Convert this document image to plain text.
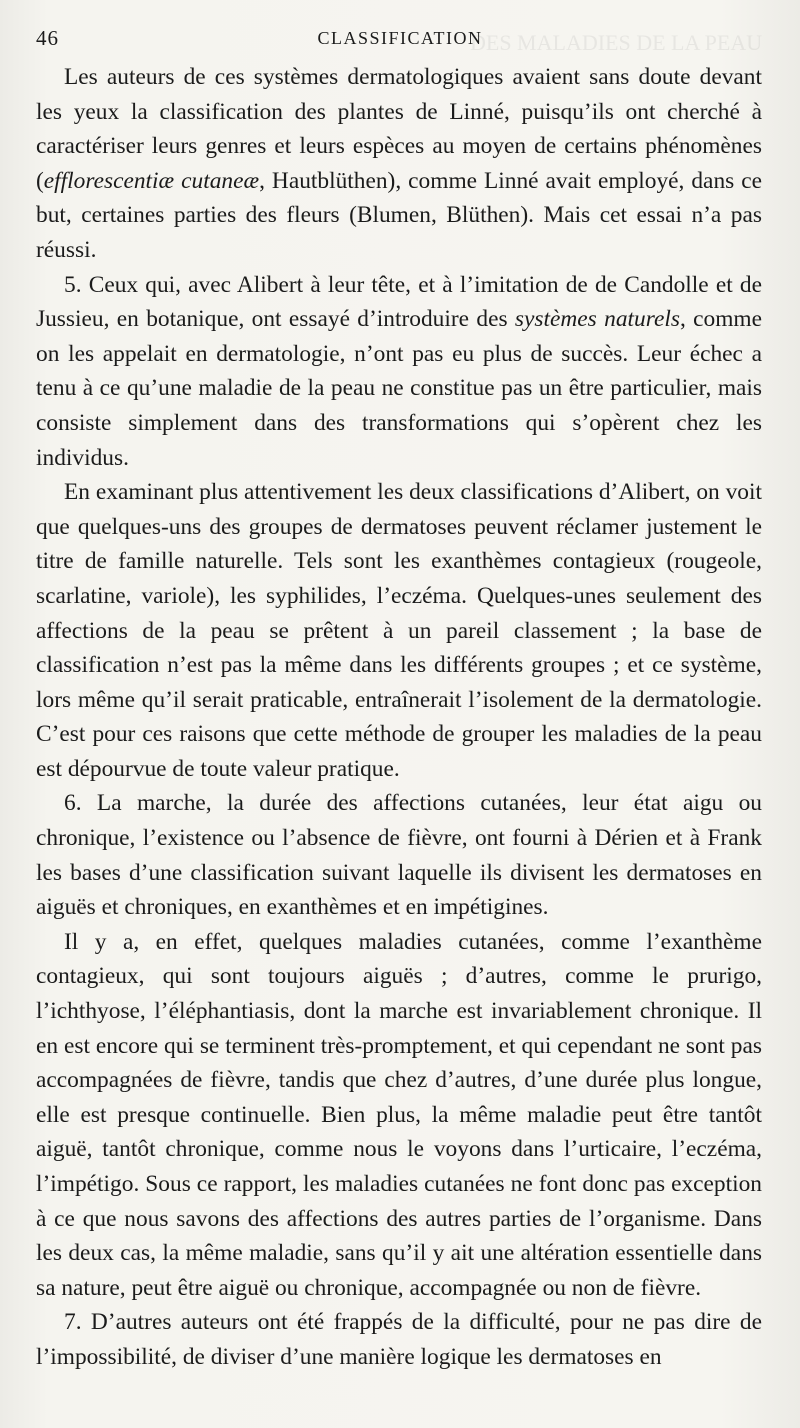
DES MALADIES DE LA PEAU
46	CLASSIFICATION

Les auteurs de ces systèmes dermatologiques avaient sans doute devant les yeux la classification des plantes de Linné, puisqu’ils ont cherché à caractériser leurs genres et leurs espèces au moyen de certains phénomènes (efflorescentiæ cutaneæ, Hautblüthen), comme Linné avait employé, dans ce but, certaines parties des fleurs (Blumen, Blüthen). Mais cet essai n’a pas réussi.

5. Ceux qui, avec Alibert à leur tête, et à l’imitation de de Candolle et de Jussieu, en botanique, ont essayé d’introduire des systèmes naturels, comme on les appelait en dermatologie, n’ont pas eu plus de succès. Leur échec a tenu à ce qu’une maladie de la peau ne constitue pas un être particulier, mais consiste simplement dans des transformations qui s’opèrent chez les individus.

En examinant plus attentivement les deux classifications d’Alibert, on voit que quelques-uns des groupes de dermatoses peuvent réclamer justement le titre de famille naturelle. Tels sont les exanthèmes contagieux (rougeole, scarlatine, variole), les syphilides, l’eczéma. Quelques-unes seulement des affections de la peau se prêtent à un pareil classement ; la base de classification n’est pas la même dans les différents groupes ; et ce système, lors même qu’il serait praticable, entraînerait l’isolement de la dermatologie. C’est pour ces raisons que cette méthode de grouper les maladies de la peau est dépourvue de toute valeur pratique.

6. La marche, la durée des affections cutanées, leur état aigu ou chronique, l’existence ou l’absence de fièvre, ont fourni à Dérien et à Frank les bases d’une classification suivant laquelle ils divisent les dermatoses en aiguës et chroniques, en exanthèmes et en impétigines.

Il y a, en effet, quelques maladies cutanées, comme l’exanthème contagieux, qui sont toujours aiguës ; d’autres, comme le prurigo, l’ichthyose, l’éléphantiasis, dont la marche est invariablement chronique. Il en est encore qui se terminent très-promptement, et qui cependant ne sont pas accompagnées de fièvre, tandis que chez d’autres, d’une durée plus longue, elle est presque continuelle. Bien plus, la même maladie peut être tantôt aiguë, tantôt chronique, comme nous le voyons dans l’urticaire, l’eczéma, l’impétigo. Sous ce rapport, les maladies cutanées ne font donc pas exception à ce que nous savons des affections des autres parties de l’organisme. Dans les deux cas, la même maladie, sans qu’il y ait une altération essentielle dans sa nature, peut être aiguë ou chronique, accompagnée ou non de fièvre.

7. D’autres auteurs ont été frappés de la difficulté, pour ne pas dire de l’impossibilité, de diviser d’une manière logique les dermatoses en
